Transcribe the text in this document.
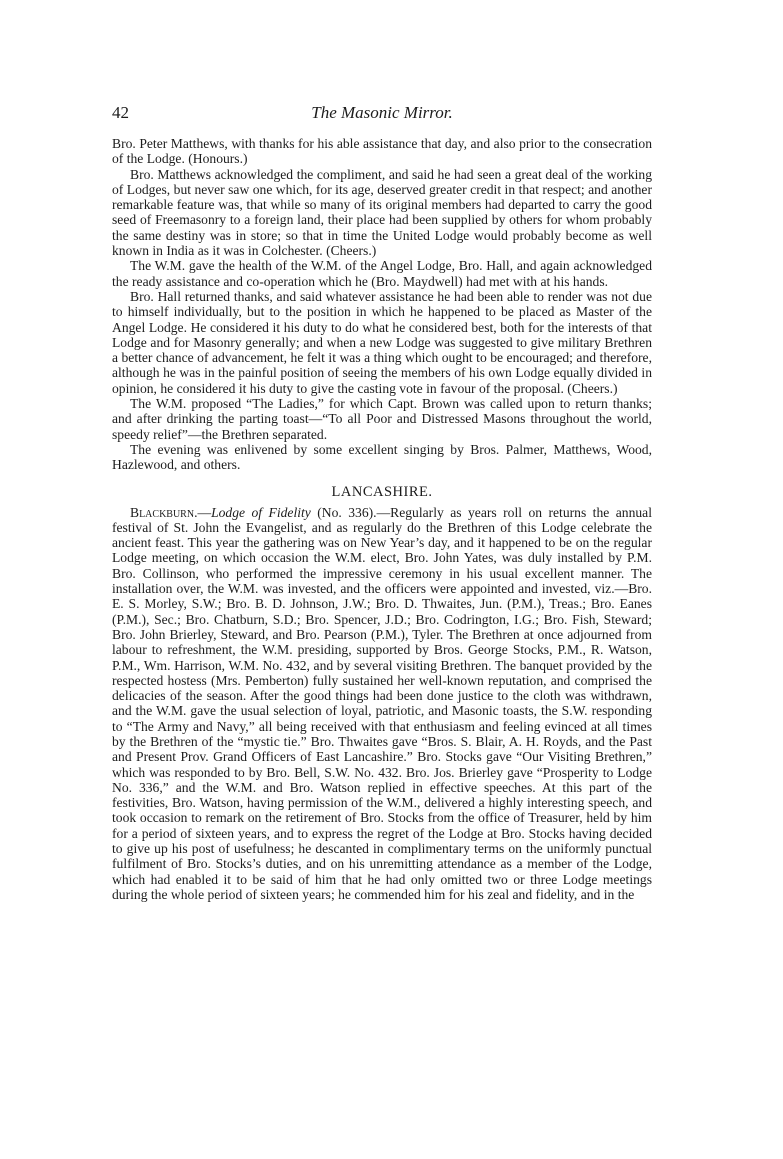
42	The Masonic Mirror.

Bro. Peter Matthews, with thanks for his able assistance that day, and also prior to the consecration of the Lodge. (Honours.)

Bro. Matthews acknowledged the compliment, and said he had seen a great deal of the working of Lodges, but never saw one which, for its age, deserved greater credit in that respect; and another remarkable feature was, that while so many of its original members had departed to carry the good seed of Freemasonry to a foreign land, their place had been supplied by others for whom probably the same destiny was in store; so that in time the United Lodge would probably become as well known in India as it was in Colchester. (Cheers.)

The W.M. gave the health of the W.M. of the Angel Lodge, Bro. Hall, and again acknowledged the ready assistance and co-operation which he (Bro. Maydwell) had met with at his hands.

Bro. Hall returned thanks, and said whatever assistance he had been able to render was not due to himself individually, but to the position in which he happened to be placed as Master of the Angel Lodge. He considered it his duty to do what he considered best, both for the interests of that Lodge and for Masonry generally; and when a new Lodge was suggested to give military Brethren a better chance of advancement, he felt it was a thing which ought to be encouraged; and therefore, although he was in the painful position of seeing the members of his own Lodge equally divided in opinion, he considered it his duty to give the casting vote in favour of the proposal. (Cheers.)

The W.M. proposed “The Ladies,” for which Capt. Brown was called upon to return thanks; and after drinking the parting toast—“To all Poor and Distressed Masons throughout the world, speedy relief”—the Brethren separated.

The evening was enlivened by some excellent singing by Bros. Palmer, Matthews, Wood, Hazlewood, and others.

LANCASHIRE.

Blackburn.—Lodge of Fidelity (No. 336).—Regularly as years roll on returns the annual festival of St. John the Evangelist, and as regularly do the Brethren of this Lodge celebrate the ancient feast. This year the gathering was on New Year’s day, and it happened to be on the regular Lodge meeting, on which occasion the W.M. elect, Bro. John Yates, was duly installed by P.M. Bro. Collinson, who performed the impressive ceremony in his usual excellent manner. The installation over, the W.M. was invested, and the officers were appointed and invested, viz.—Bro. E. S. Morley, S.W.; Bro. B. D. Johnson, J.W.; Bro. D. Thwaites, Jun. (P.M.), Treas.; Bro. Eanes (P.M.), Sec.; Bro. Chatburn, S.D.; Bro. Spencer, J.D.; Bro. Codrington, I.G.; Bro. Fish, Steward; Bro. John Brierley, Steward, and Bro. Pearson (P.M.), Tyler. The Brethren at once adjourned from labour to refreshment, the W.M. presiding, supported by Bros. George Stocks, P.M., R. Watson, P.M., Wm. Harrison, W.M. No. 432, and by several visiting Brethren. The banquet provided by the respected hostess (Mrs. Pemberton) fully sustained her well-known reputation, and comprised the delicacies of the season. After the good things had been done justice to the cloth was withdrawn, and the W.M. gave the usual selection of loyal, patriotic, and Masonic toasts, the S.W. responding to “The Army and Navy,” all being received with that enthusiasm and feeling evinced at all times by the Brethren of the “mystic tie.” Bro. Thwaites gave “Bros. S. Blair, A. H. Royds, and the Past and Present Prov. Grand Officers of East Lancashire.” Bro. Stocks gave “Our Visiting Brethren,” which was responded to by Bro. Bell, S.W. No. 432. Bro. Jos. Brierley gave “Prosperity to Lodge No. 336,” and the W.M. and Bro. Watson replied in effective speeches. At this part of the festivities, Bro. Watson, having permission of the W.M., delivered a highly interesting speech, and took occasion to remark on the retirement of Bro. Stocks from the office of Treasurer, held by him for a period of sixteen years, and to express the regret of the Lodge at Bro. Stocks having decided to give up his post of usefulness; he descanted in complimentary terms on the uniformly punctual fulfilment of Bro. Stocks’s duties, and on his unremitting attendance as a member of the Lodge, which had enabled it to be said of him that he had only omitted two or three Lodge meetings during the whole period of sixteen years; he commended him for his zeal and fidelity, and in the
